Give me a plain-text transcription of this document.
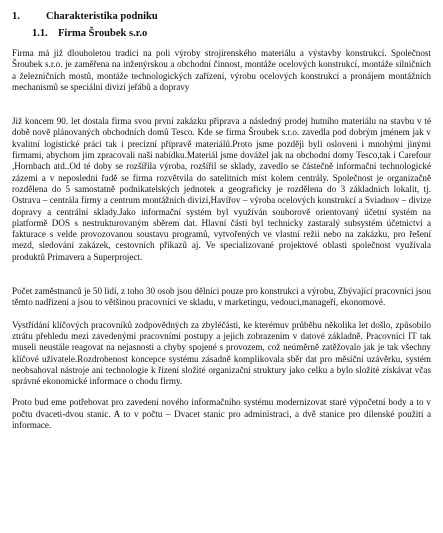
1.	Charakteristika podniku
1.1. Firma Šroubek s.r.o

Firma má již dlouholetou tradici na poli výroby strojírenského materiálu a výstavby konstrukcí. Společnost Šroubek s.r.o. je zaměřena na inženýrskou a obchodní činnost, montáže ocelových konstrukcí, montáže silničních a železničních mostů, montáže technologických zařízení, výrobu ocelových konstrukcí a pronájem montážních mechanismů se speciální divizí jeřábů a dopravy

Již koncem 90. let dostala firma svou první zakázku připrava a následný prodej hutního materiálu na stavbu v té době nově plánovaných obchodních domů Tesco. Kde se firma Šroubek s.r.o. zavedla pod dobrým jménem jak v kvalitní logistické práci tak i precizní přípravě materiálů.Proto jsme později byli osloveni i mnohými jinými firmami, abychom jim zpracovali naši nabídku.Materiál jsme dovážel jak na obchodní domy Tesco,tak i Carefour ,Hornbach atd..Od té doby se rozšířila výroba, rozšířil se sklady, zavedlo se částečně informační technologické zázemí a v neposlední řadě se firma rozvětvila do satelitních míst kolem centrály. Společnost je organizačně rozdělena do 5 samostatně podnikatelských jednotek a geograficky je rozdělena do 3 základních lokalit, tj. Ostrava – centrála firmy a centrum montážních divizí,Havířov – výroba ocelových konstrukcí a Sviadnov – divize dopravy a centrální sklady.Jako informační systém byl využíván souborově orientovaný účetní systém na platformě DOS s nestrukturovaným sběrem dat. Hlavní části byl technicky zastaralý subsystém účetnictví a fakturace s velde provozovanou soustavu programů, vytvořených ve vlastní režii nebo na zakázku, pro řešení mezd, sledování zakázek, cestovních příkazů aj. Ve specializované projektové oblasti společnost využívala produktů Primavera a Superproject.

Počet zaměstnanců je 50 lidí, z toho 30 osob jsou dělníci pouze pro konstrukci a výrobu, Zbývající pracovníci jsou těmto nadřízení a jsou to většinou pracovníci ve skladu, v marketingu, vedoucí,manageři, ekonomové.

Vystřídání klíčových pracovníků zodpovědných za zbyléčásti, ke kterémuv průběhu několika let došlo, způsobilo ztrátu přehledu mezi zavedenými pracovními postupy a jejich zobrazením v datové základně. Pracovníci IT tak museli neustále reagovat na nejasnosti a chyby spojené s provozem, což neúměrně zatěžovalo jak je tak všechny klíčové uživatele.Rozdrobenost koncepce systému zásadně komplikovala sběr dat pro měsíční uzávěrku, systém neobsahoval nástroje ani technologie k řízení složité organizační struktury jako celku a bylo složité získávat včas správné ekonomické informace o chodu firmy.

Proto bud eme potřebovat pro zavedení nového informačního systému modernizovat staré výpočetní body a to v počtu dvaceti-dvou stanic. A to v počtu – Dvacet stanic pro administraci, a dvě stanice pro dílenské použití a informace.
